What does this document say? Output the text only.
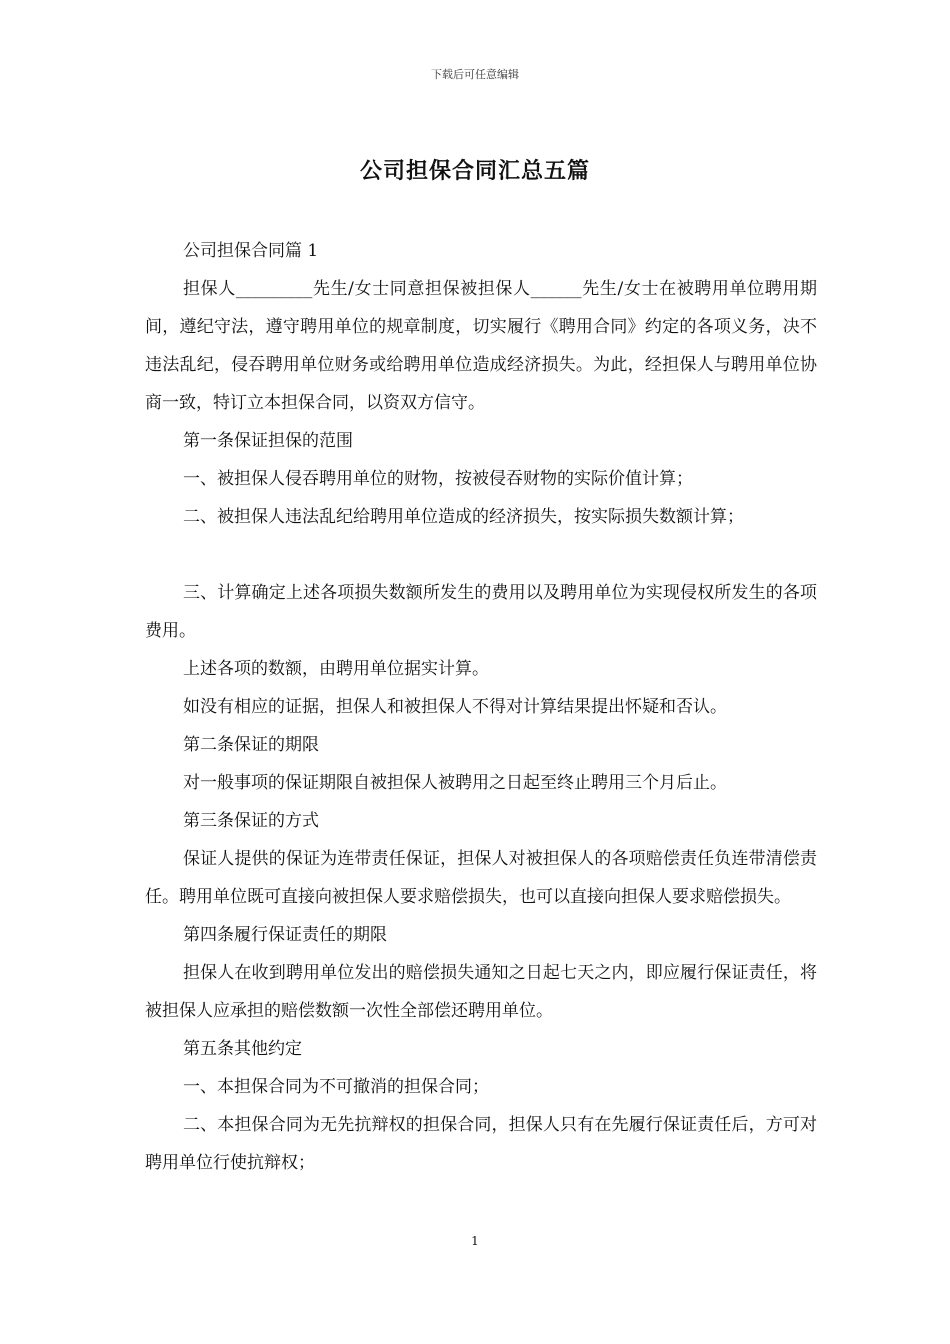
下载后可任意编辑
公司担保合同汇总五篇

公司担保合同篇 1

担保人_________先生/女士同意担保被担保人______先生/女士在被聘用单位聘用期间，遵纪守法，遵守聘用单位的规章制度，切实履行《聘用合同》约定的各项义务，决不违法乱纪，侵吞聘用单位财务或给聘用单位造成经济损失。为此，经担保人与聘用单位协商一致，特订立本担保合同，以资双方信守。

第一条保证担保的范围

一、被担保人侵吞聘用单位的财物，按被侵吞财物的实际价值计算；

二、被担保人违法乱纪给聘用单位造成的经济损失，按实际损失数额计算；

三、计算确定上述各项损失数额所发生的费用以及聘用单位为实现侵权所发生的各项费用。

上述各项的数额，由聘用单位据实计算。

如没有相应的证据，担保人和被担保人不得对计算结果提出怀疑和否认。

第二条保证的期限

对一般事项的保证期限自被担保人被聘用之日起至终止聘用三个月后止。

第三条保证的方式

保证人提供的保证为连带责任保证，担保人对被担保人的各项赔偿责任负连带清偿责任。聘用单位既可直接向被担保人要求赔偿损失，也可以直接向担保人要求赔偿损失。

第四条履行保证责任的期限

担保人在收到聘用单位发出的赔偿损失通知之日起七天之内，即应履行保证责任，将被担保人应承担的赔偿数额一次性全部偿还聘用单位。

第五条其他约定

一、本担保合同为不可撤消的担保合同；

二、本担保合同为无先抗辩权的担保合同，担保人只有在先履行保证责任后，方可对聘用单位行使抗辩权；

1
